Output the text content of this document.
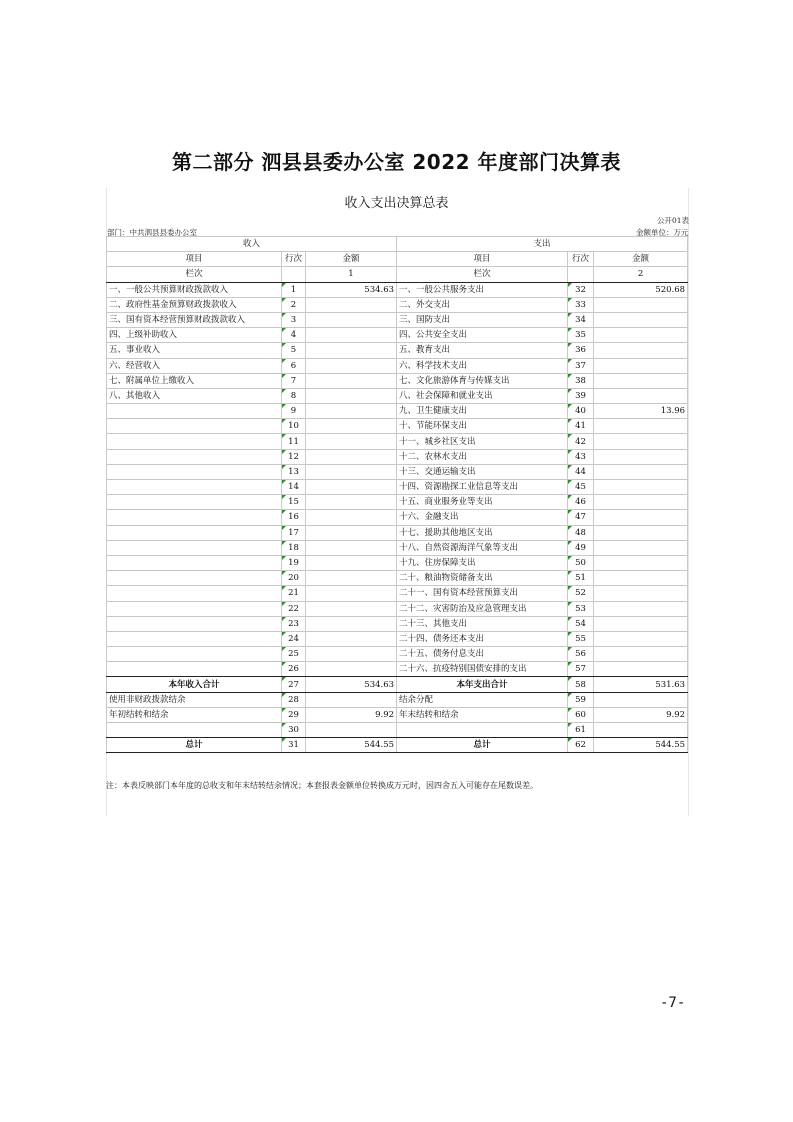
第二部分 泗县县委办公室 2022 年度部门决算表
收入支出决算总表
公开01表
部门：中共泗县县委办公室	金额单位：万元
收入			支出		
项目	行次	金额	项目	行次	金额
栏次		1	栏次		2
一、一般公共预算财政拨款收入	1	534.63	一、一般公共服务支出	32	520.68
二、政府性基金预算财政拨款收入	2		二、外交支出	33	
三、国有资本经营预算财政拨款收入	3		三、国防支出	34	
四、上级补助收入	4		四、公共安全支出	35	
五、事业收入	5		五、教育支出	36	
六、经营收入	6		六、科学技术支出	37	
七、附属单位上缴收入	7		七、文化旅游体育与传媒支出	38	
八、其他收入	8		八、社会保障和就业支出	39	
	9		九、卫生健康支出	40	13.96
	10		十、节能环保支出	41	
	11		十一、城乡社区支出	42	
	12		十二、农林水支出	43	
	13		十三、交通运输支出	44	
	14		十四、资源勘探工业信息等支出	45	
	15		十五、商业服务业等支出	46	
	16		十六、金融支出	47	
	17		十七、援助其他地区支出	48	
	18		十八、自然资源海洋气象等支出	49	
	19		十九、住房保障支出	50	
	20		二十、粮油物资储备支出	51	
	21		二十一、国有资本经营预算支出	52	
	22		二十二、灾害防治及应急管理支出	53	
	23		二十三、其他支出	54	
	24		二十四、债务还本支出	55	
	25		二十五、债务付息支出	56	
	26		二十六、抗疫特别国债安排的支出	57	
本年收入合计	27	534.63	本年支出合计	58	531.63
使用非财政拨款结余	28		结余分配	59	
年初结转和结余	29	9.92	年末结转和结余	60	9.92
	30			61	
总计	31	544.55	总计	62	544.55
注：本表反映部门本年度的总收支和年末结转结余情况；本套报表金额单位转换成万元时，因四舍五入可能存在尾数误差。
-7-
